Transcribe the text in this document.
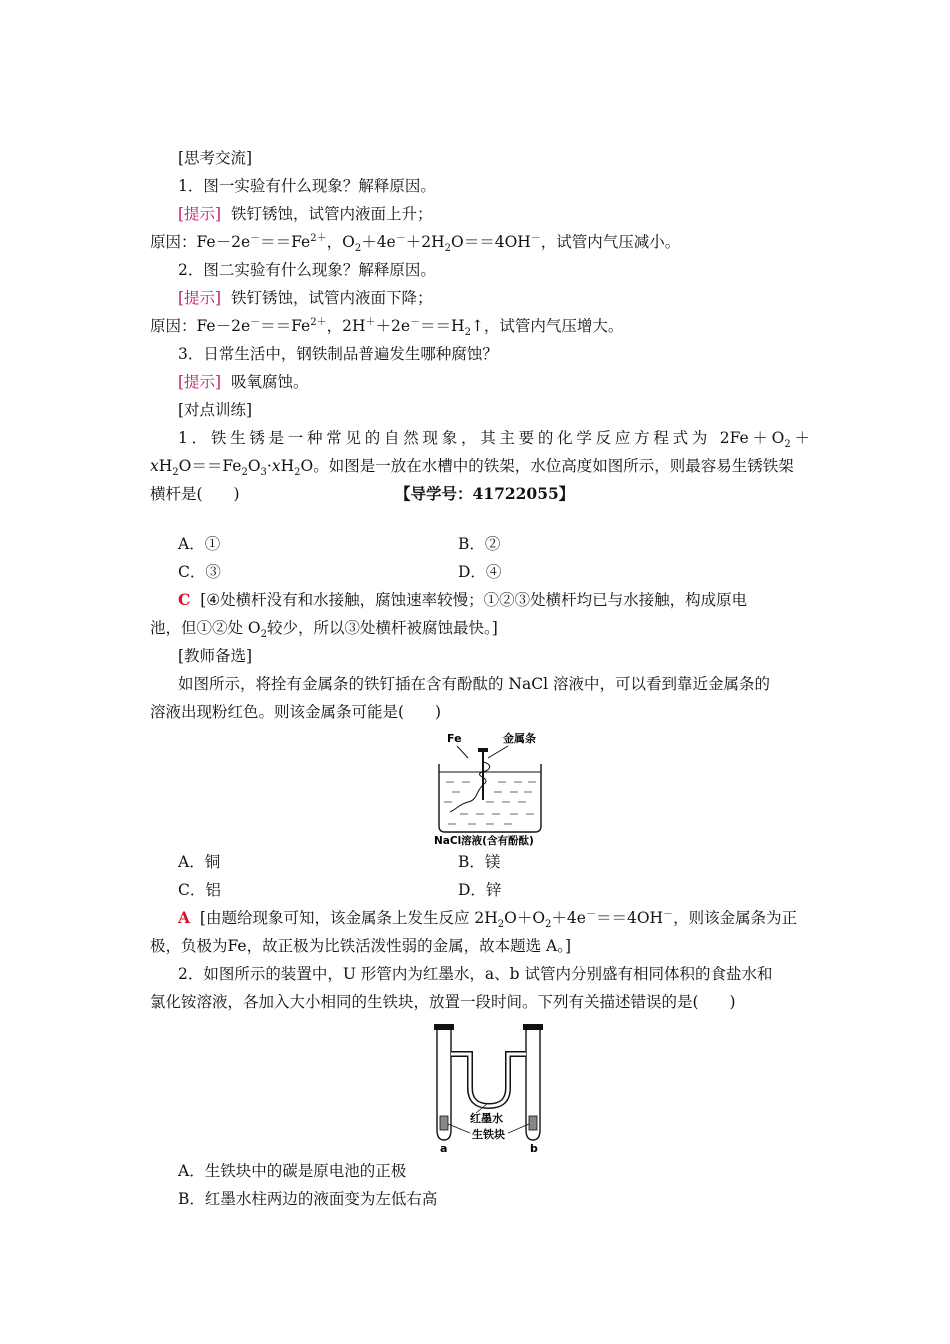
[思考交流]
1．图一实验有什么现象？解释原因。
[提示] 铁钉锈蚀，试管内液面上升；
原因：$Fe-2e^-==Fe^{2+}$，$O_2+4e^-+2H_2O==4OH^-$，试管内气压减小。
2．图二实验有什么现象？解释原因。
[提示] 铁钉锈蚀，试管内液面下降；
原因：$Fe-2e^-==Fe^{2+}$，$2H^++2e^-==H_2↑$，试管内气压增大。
3．日常生活中，钢铁制品普遍发生哪种腐蚀？
[提示] 吸氧腐蚀。
[对点训练]
1．铁生锈是一种常见的自然现象，其主要的化学反应方程式为 $2Fe+O_2+$
$xH_2O==Fe_2O_3\cdot xH_2O$。如图是一放在水槽中的铁架，水位高度如图所示，则最容易生锈铁架
横杆是(　　)	【导学号：41722055】
A．①	B．②
C．③	D．④
C [④处横杆没有和水接触，腐蚀速率较慢；①②③处横杆均已与水接触，构成原电
池，但①②处 $O_2$较少，所以③处横杆被腐蚀最快。]
[教师备选]
如图所示，将拴有金属条的铁钉插在含有酚酞的 NaCl 溶液中，可以看到靠近金属条的
溶液出现粉红色。则该金属条可能是(　　)
Fe	金属条
NaCl溶液(含有酚酞)
A．铜	B．镁
C．铝	D．锌
A [由题给现象可知，该金属条上发生反应 $2H_2O+O_2+4e^-==4OH^-$，则该金属条为正
极，负极为Fe，故正极为比铁活泼性弱的金属，故本题选 A。]
2．如图所示的装置中，U 形管内为红墨水，a、b 试管内分别盛有相同体积的食盐水和
氯化铵溶液，各加入大小相同的生铁块，放置一段时间。下列有关描述错误的是(　　)
红墨水
生铁块
a	b
A．生铁块中的碳是原电池的正极
B．红墨水柱两边的液面变为左低右高
